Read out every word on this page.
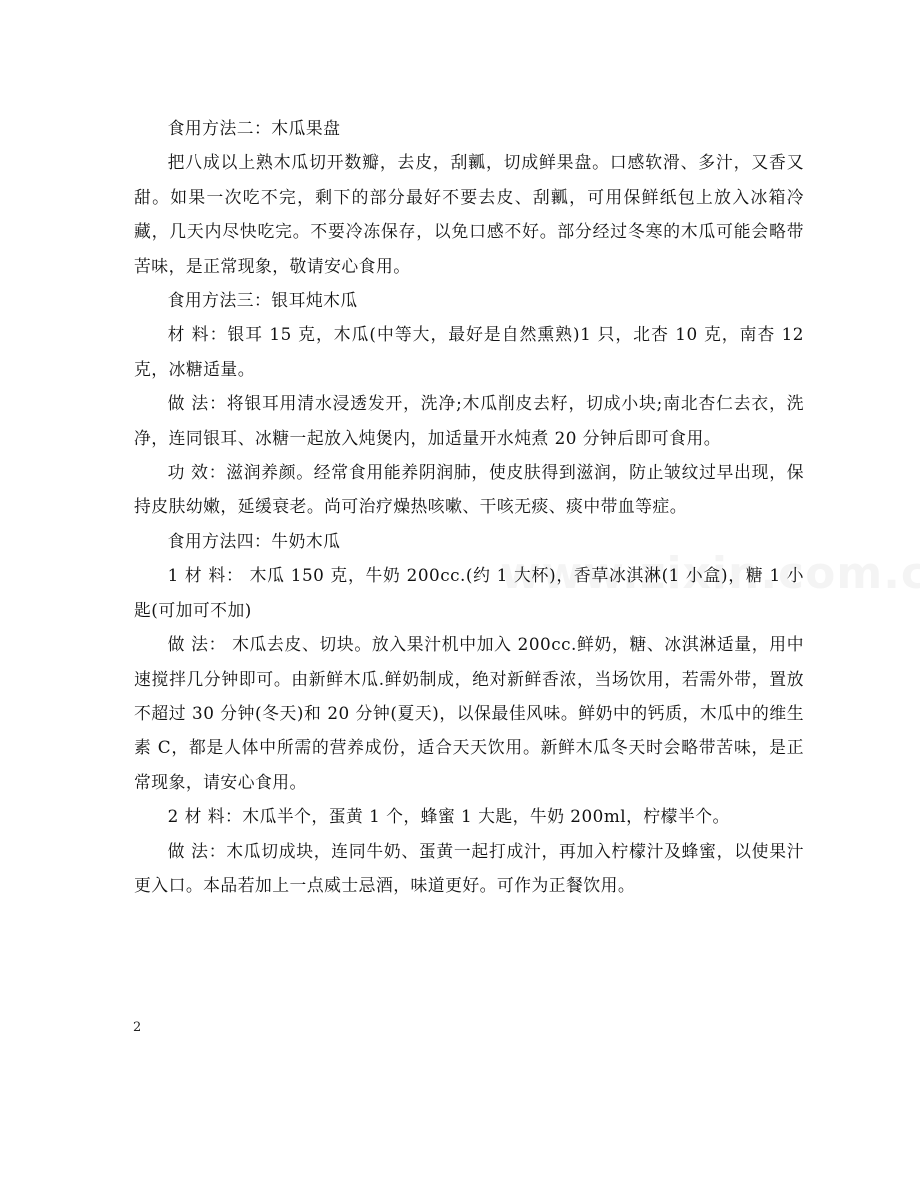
食用方法二：木瓜果盘

把八成以上熟木瓜切开数瓣，去皮，刮瓤，切成鲜果盘。口感软滑、多汁，又香又甜。如果一次吃不完，剩下的部分最好不要去皮、刮瓤，可用保鲜纸包上放入冰箱冷藏，几天内尽快吃完。不要冷冻保存，以免口感不好。部分经过冬寒的木瓜可能会略带苦味，是正常现象，敬请安心食用。

食用方法三：银耳炖木瓜

材 料：银耳 15 克，木瓜(中等大，最好是自然熏熟)1 只，北杏 10 克，南杏 12 克，冰糖适量。

做 法：将银耳用清水浸透发开，洗净;木瓜削皮去籽，切成小块;南北杏仁去衣，洗净，连同银耳、冰糖一起放入炖煲内，加适量开水炖煮 20 分钟后即可食用。

功 效：滋润养颜。经常食用能养阴润肺，使皮肤得到滋润，防止皱纹过早出现，保持皮肤幼嫩，延缓衰老。尚可治疗燥热咳嗽、干咳无痰、痰中带血等症。

食用方法四：牛奶木瓜

1 材 料： 木瓜 150 克，牛奶 200cc.(约 1 大杯)，香草冰淇淋(1 小盒)，糖 1 小匙(可加可不加)

做 法： 木瓜去皮、切块。放入果汁机中加入 200cc.鲜奶，糖、冰淇淋适量，用中速搅拌几分钟即可。由新鲜木瓜.鲜奶制成，绝对新鲜香浓，当场饮用，若需外带，置放不超过 30 分钟(冬天)和 20 分钟(夏天)，以保最佳风味。鲜奶中的钙质，木瓜中的维生素 C，都是人体中所需的营养成份，适合天天饮用。新鲜木瓜冬天时会略带苦味，是正常现象，请安心食用。

2 材 料：木瓜半个，蛋黄 1 个，蜂蜜 1 大匙，牛奶 200ml，柠檬半个。

做 法：木瓜切成块，连同牛奶、蛋黄一起打成汁，再加入柠檬汁及蜂蜜，以使果汁更入口。本品若加上一点威士忌酒，味道更好。可作为正餐饮用。

2
